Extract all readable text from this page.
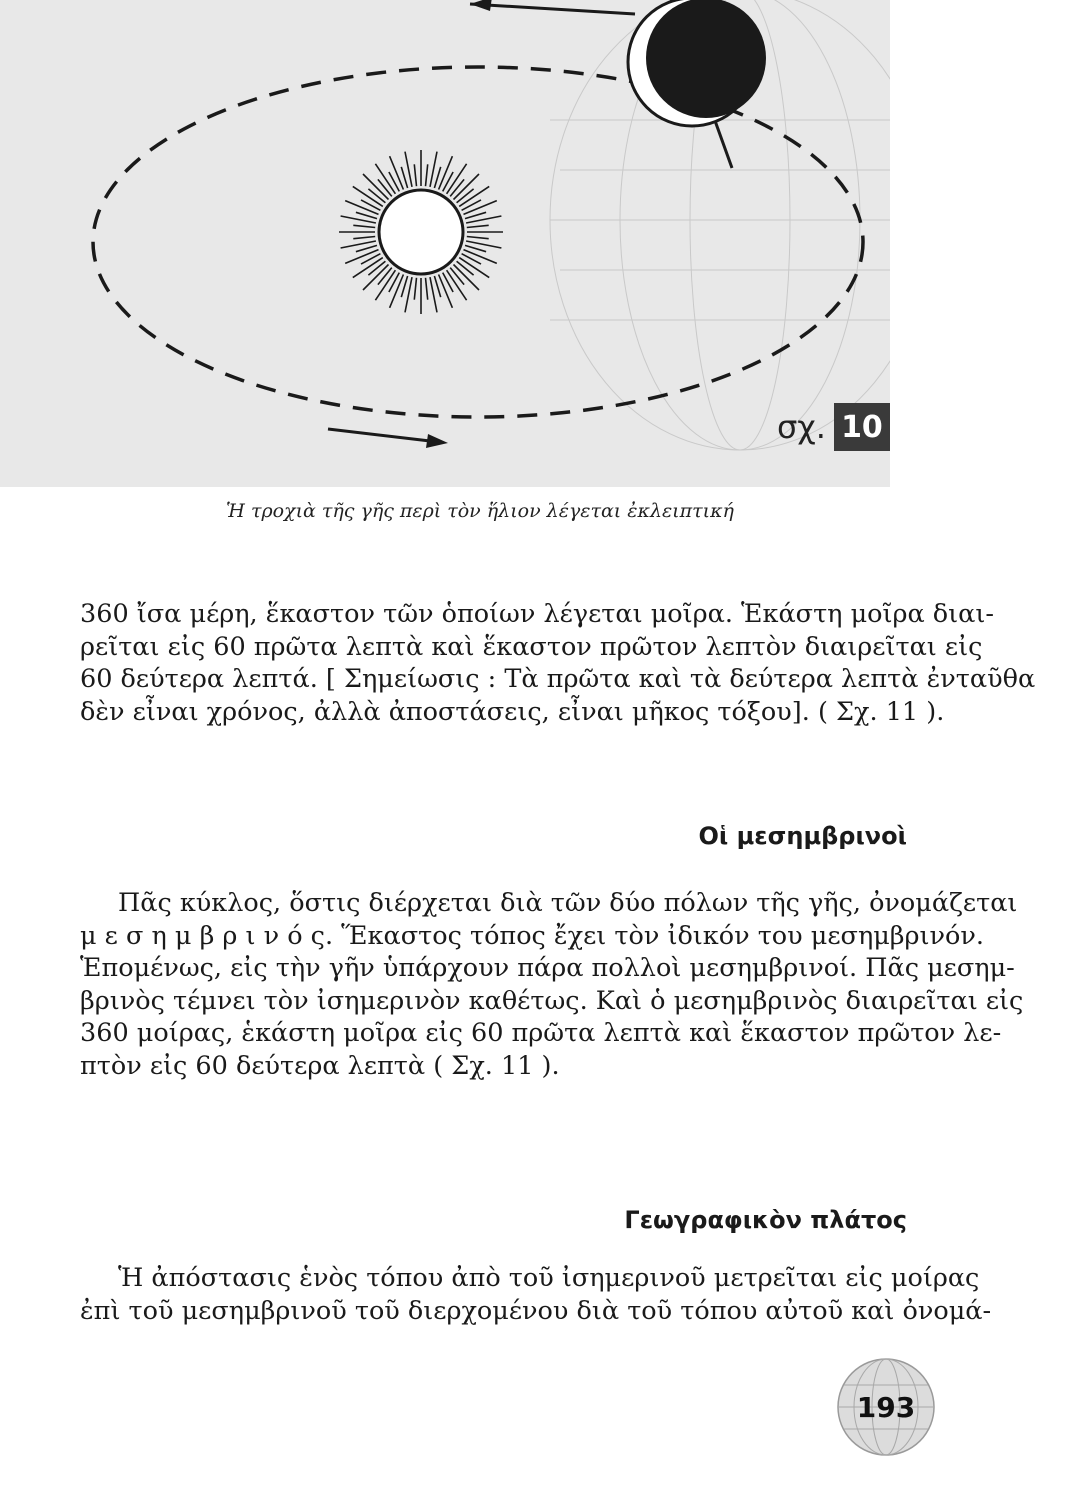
σχ. 10
Ἡ τροχιὰ τῆς γῆς περὶ τὸν ἥλιον λέγεται ἐκλειπτική

360 ἴσα μέρη, ἕκαστον τῶν ὁποίων λέγεται μοῖρα. Ἑκάστη μοῖρα διαι-

ρεῖται εἰς 60 πρῶτα λεπτὰ καὶ ἕκαστον πρῶτον λεπτὸν διαιρεῖται εἰς

60 δεύτερα λεπτά. [ Σημείωσις : Τὰ πρῶτα καὶ τὰ δεύτερα λεπτὰ ἐνταῦθα

δὲν εἶναι χρόνος, ἀλλὰ ἀποστάσεις, εἶναι μῆκος τόξου]. ( Σχ. 11 ).

Οἱ μεσημβρινοὶ

Πᾶς κύκλος, ὅστις διέρχεται διὰ τῶν δύο πόλων τῆς γῆς, ὀνομάζεται

μ ε σ η μ β ρ ι ν ό ς. Ἕκαστος τόπος ἔχει τὸν ἰδικόν του μεσημβρινόν.

Ἑπομένως, εἰς τὴν γῆν ὑπάρχουν πάρα πολλοὶ μεσημβρινοί. Πᾶς μεσημ-

βρινὸς τέμνει τὸν ἰσημερινὸν καθέτως. Καὶ ὁ μεσημβρινὸς διαιρεῖται εἰς

360 μοίρας, ἑκάστη μοῖρα εἰς 60 πρῶτα λεπτὰ καὶ ἕκαστον πρῶτον λε-

πτὸν εἰς 60 δεύτερα λεπτὰ ( Σχ. 11 ).

Γεωγραφικὸν πλάτος

Ἡ ἀπόστασις ἑνὸς τόπου ἀπὸ τοῦ ἰσημερινοῦ μετρεῖται εἰς μοίρας

ἐπὶ τοῦ μεσημβρινοῦ τοῦ διερχομένου διὰ τοῦ τόπου αὐτοῦ καὶ ὀνομά-

193
